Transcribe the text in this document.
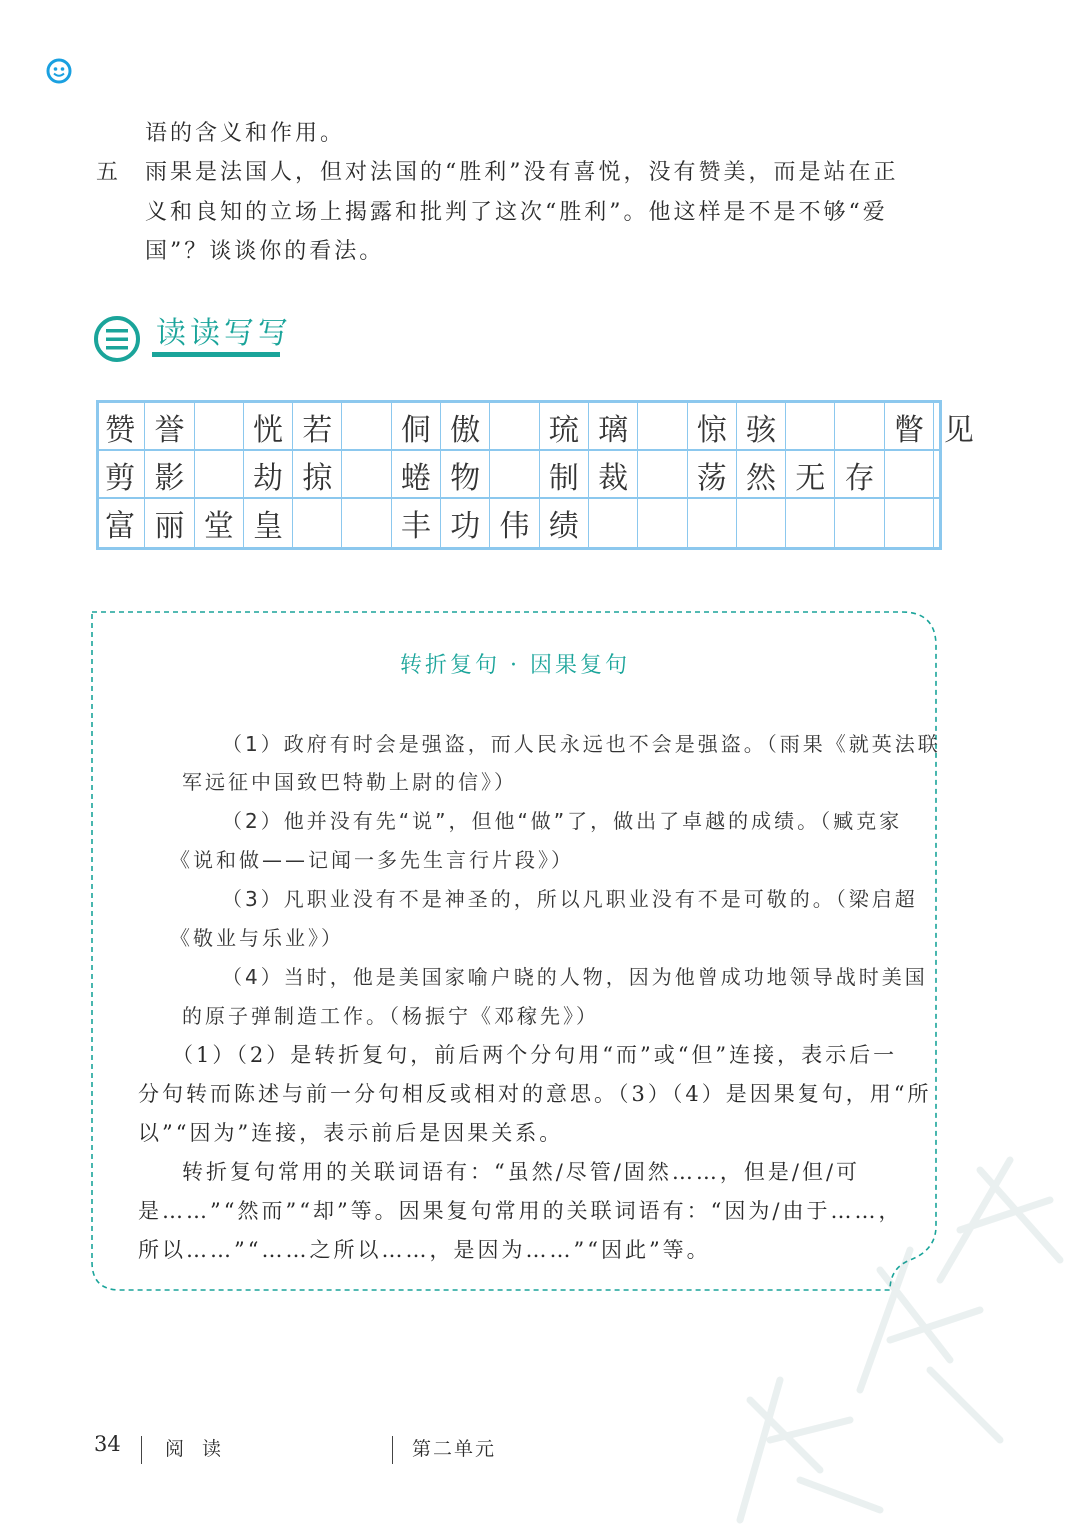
语的含义和作用。
五 雨果是法国人，但对法国的“胜利”没有喜悦，没有赞美，而是站在正
义和良知的立场上揭露和批判了这次“胜利”。他这样是不是不够“爱
国”？谈谈你的看法。
读读写写
赞 誉	恍 若	侗 傲	琉 璃	惊 骇	瞥 见
剪 影	劫 掠	蜷 物	制 裁	荡 然 无 存
富 丽 堂 皇	丰 功 伟 绩
转折复句 · 因果复句
（1）政府有时会是强盗，而人民永远也不会是强盗。（雨果《就英法联
军远征中国致巴特勒上尉的信》）
（2）他并没有先“说”，但他“做”了，做出了卓越的成绩。（臧克家
《说和做——记闻一多先生言行片段》）
（3）凡职业没有不是神圣的，所以凡职业没有不是可敬的。（梁启超
《敬业与乐业》）
（4）当时，他是美国家喻户晓的人物，因为他曾成功地领导战时美国
的原子弹制造工作。（杨振宁《邓稼先》）
（1）（2）是转折复句，前后两个分句用“而”或“但”连接，表示后一
分句转而陈述与前一分句相反或相对的意思。（3）（4）是因果复句，用“所
以”“因为”连接，表示前后是因果关系。
转折复句常用的关联词语有：“虽然/尽管/固然……，但是/但/可
是……”“然而”“却”等。因果复句常用的关联词语有：“因为/由于……，
所以……”“……之所以……，是因为……”“因此”等。
34 阅 读	第二单元
